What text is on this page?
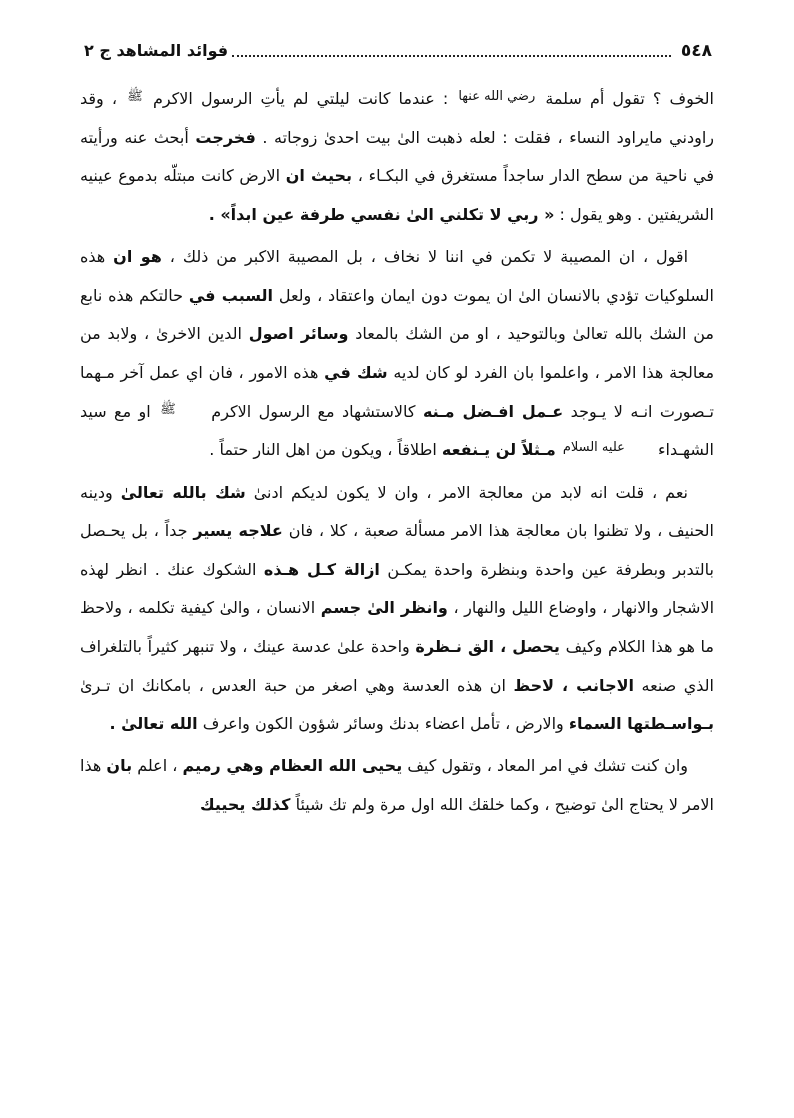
٥٤٨
فوائد المشاهد ج ٢

الخوف ؟ تقول أم سلمة رضي الله عنها : عندما كانت ليلتي لم يأتِ الرسول الاكرم ﷺ ، وقد راودني مايراود النساء ، فقلت : لعله ذهبت الىٰ بيت احدىٰ زوجاته . فخرجت أبحث عنه ورأيته في ناحية من سطح الدار ساجداً مستغرق في البكـاء ، بحيث ان الارض كانت مبتلّه بدموع عينيه الشريفتين . وهو يقول : « ربي لا تكلني الىٰ نفسي طرفة عين ابداً» .

اقول ، ان المصيبة لا تكمن في اننا لا نخاف ، بل المصيبة الاكبر من ذلك ، هو ان هذه السلوكيات تؤدي بالانسان الىٰ ان يموت دون ايمان واعتقاد ، ولعل السبب في حالتكم هذه نابع من الشك بالله تعالىٰ وبالتوحيد ، او من الشك بالمعاد وسائر اصول الدين الاخرىٰ ، ولابد من معالجة هذا الامر ، واعلموا بان الفرد لو كان لديه شك في هذه الامور ، فان اي عمل آخر مـهما تـصورت انـه لا يـوجد عـمل افـضل مـنه كالاستشهاد مع الرسول الاكرم ﷺ او مع سيد الشهـداء عليه السلام مـثلاً لن يـنفعه اطلاقاً ، ويكون من اهل النار حتماً .

نعم ، قلت انه لابد من معالجة الامر ، وان لا يكون لديكم ادنىٰ شك بالله تعالىٰ ودينه الحنيف ، ولا تظنوا بان معالجة هذا الامر مسألة صعبة ، كلا ، فان علاجه يسير جداً ، بل يحـصل بالتدبر وبطرفة عين واحدة وبنظرة واحدة يمكـن ازالة كـل هـذه الشكوك عنك . انظر لهذه الاشجار والانهار ، واوضاع الليل والنهار ، وانظر الىٰ جسم الانسان ، والىٰ كيفية تكلمه ، ولاحظ ما هو هذا الكلام وكيف يحصل ، الق نـظرة واحدة علىٰ عدسة عينك ، ولا تنبهر كثيراً بالتلغراف الذي صنعه الاجانب ، لاحظ ان هذه العدسة وهي اصغر من حبة العدس ، بامكانك ان تـرىٰ بـواسـطتها السماء والارض ، تأمل اعضاء بدنك وسائر شؤون الكون واعرف الله تعالىٰ .

وان كنت تشك في امر المعاد ، وتقول كيف يحيى الله العظام وهي رميم ، اعلم بان هذا الامر لا يحتاج الىٰ توضيح ، وكما خلقك الله اول مرة ولم تك شيئاً كذلك يحييك
